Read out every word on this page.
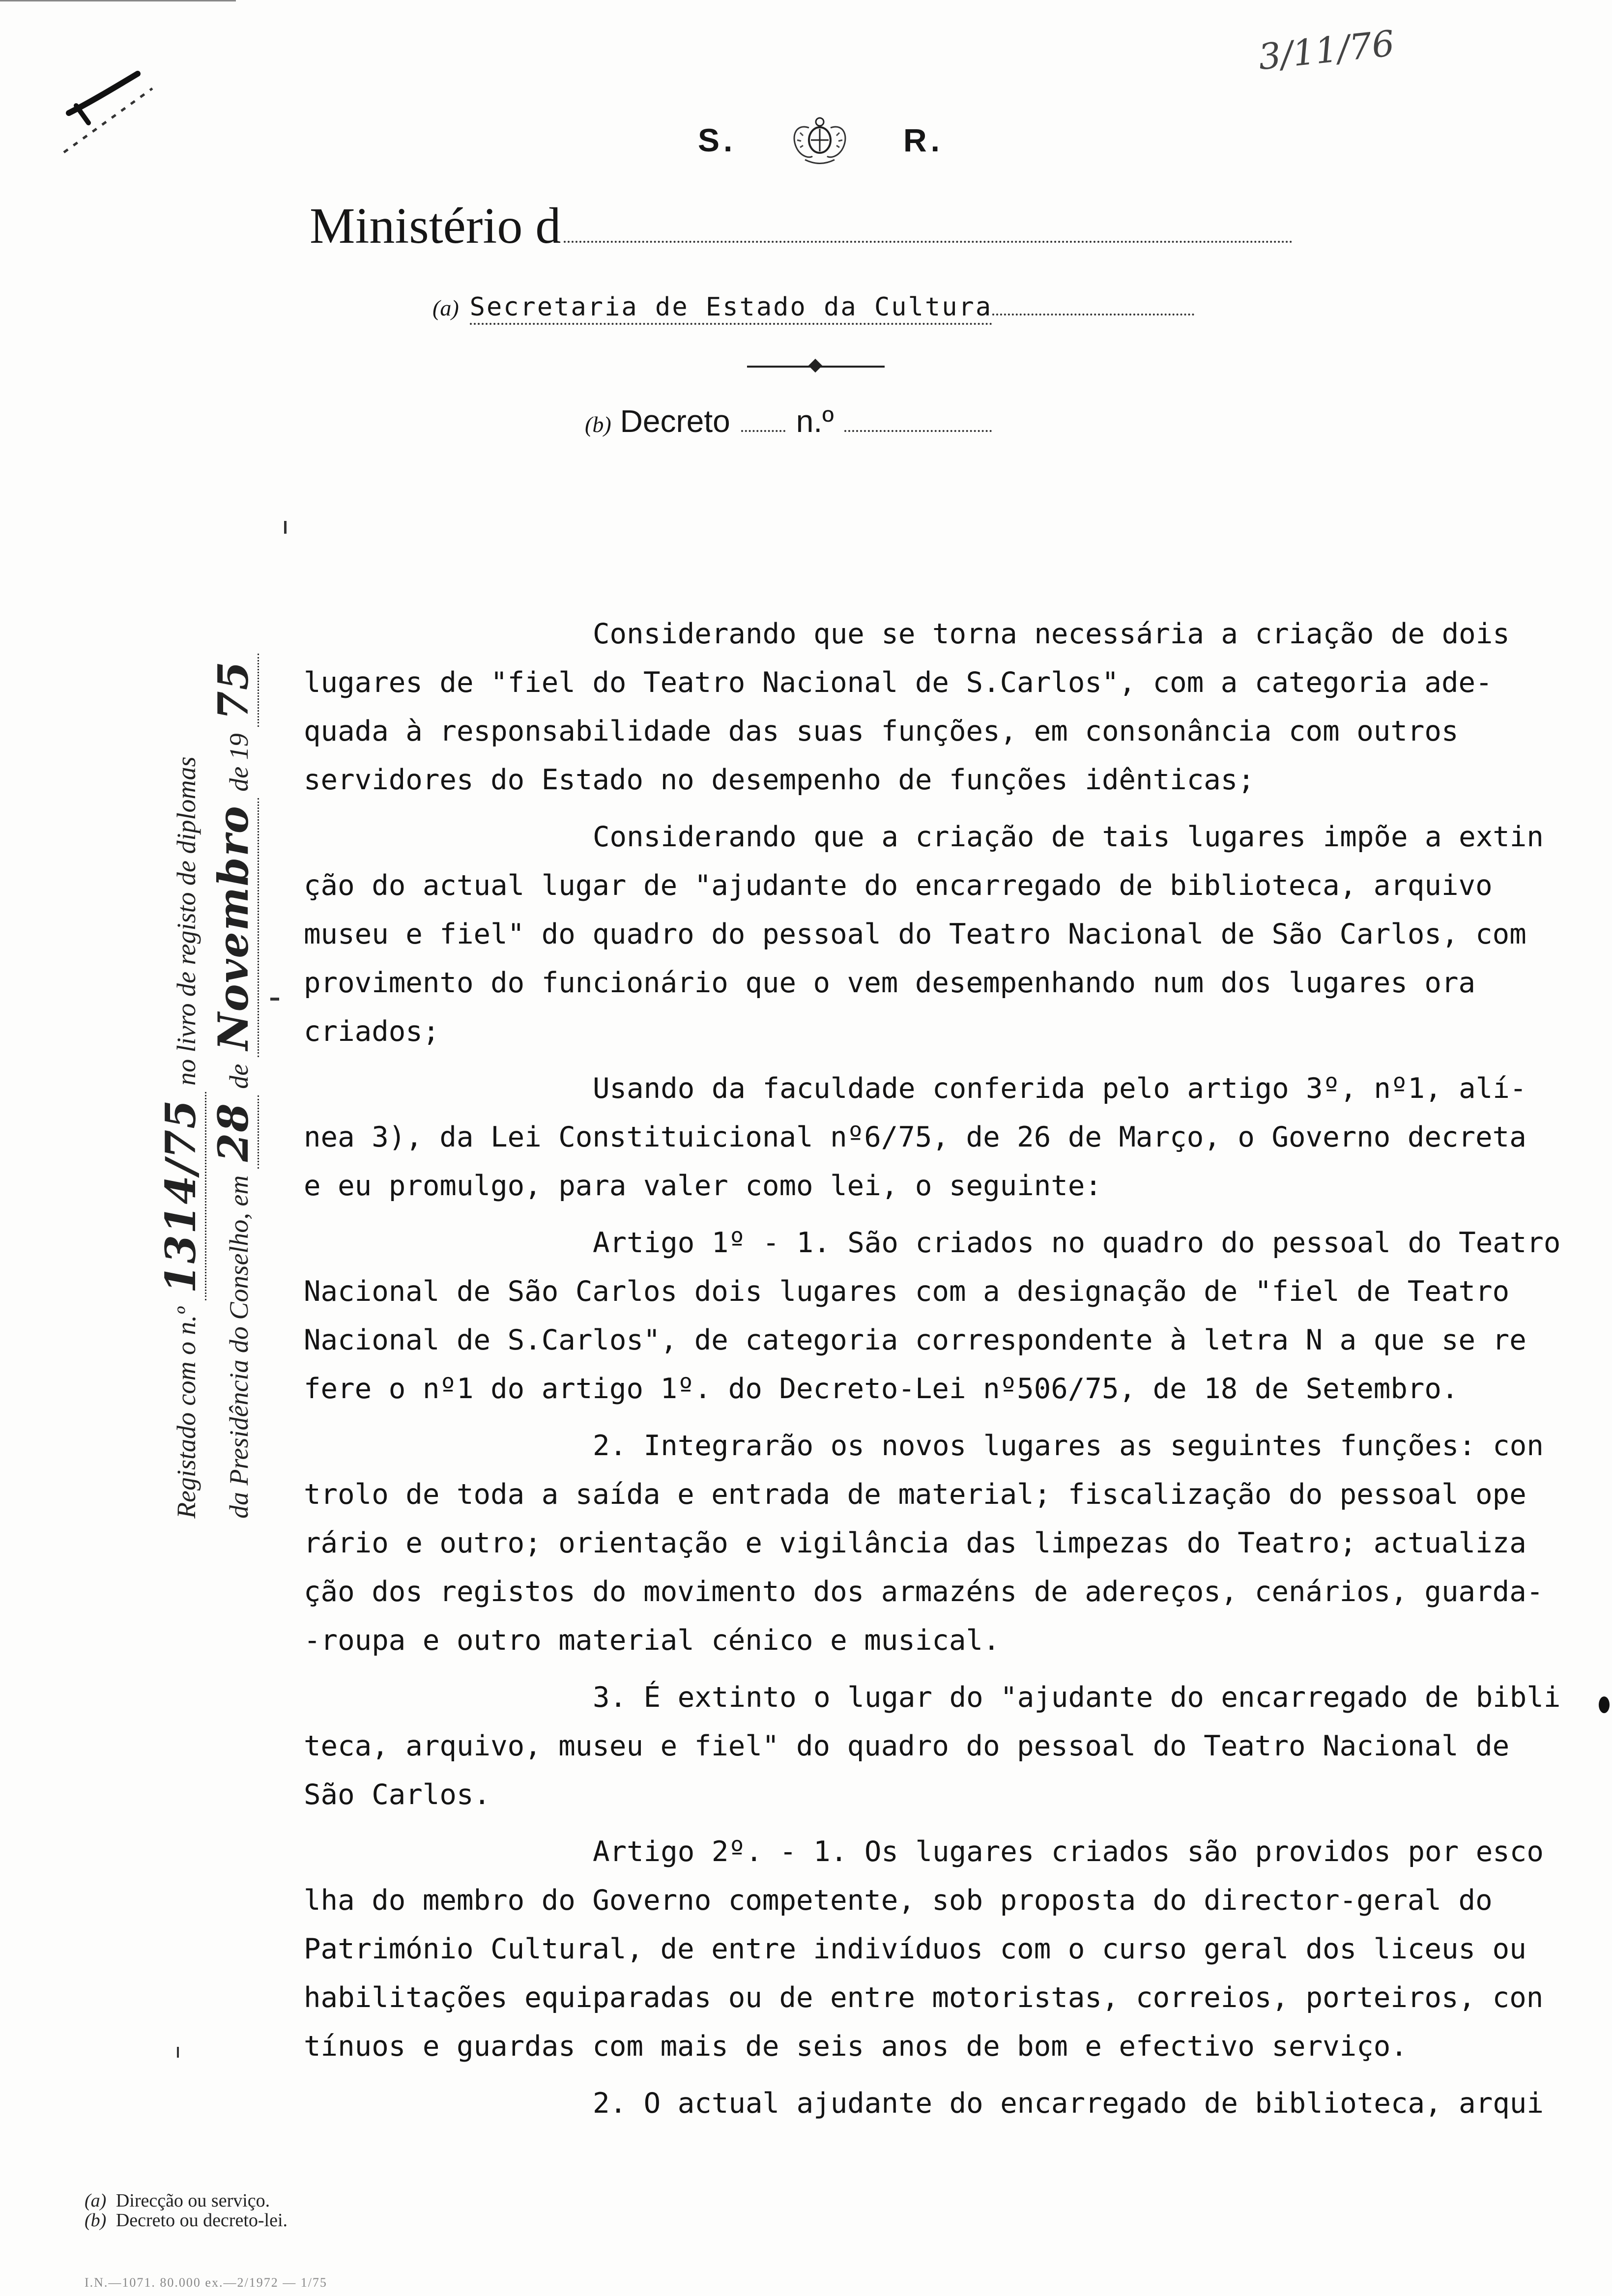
3/11/76
S.	R.
Ministério d
(a) Secretaria de Estado da Cultura
(b) Decreto n.º
Registado com o n.º 1314/75 no livro de registo de diplomas
da Presidência do Conselho, em 28 de Novembro de 19 75
Considerando que se torna necessária a criação de dois
lugares de "fiel do Teatro Nacional de S.Carlos", com a categoria ade-
quada à responsabilidade das suas funções, em consonância com outros
servidores do Estado no desempenho de funções idênticas;
Considerando que a criação de tais lugares impõe a extin
ção do actual lugar de "ajudante do encarregado de biblioteca, arquivo
museu e fiel" do quadro do pessoal do Teatro Nacional de São Carlos, com
provimento do funcionário que o vem desempenhando num dos lugares ora
criados;
Usando da faculdade conferida pelo artigo 3º, nº1, alí-
nea 3), da Lei Constituicional nº6/75, de 26 de Março, o Governo decreta
e eu promulgo, para valer como lei, o seguinte:
Artigo 1º - 1. São criados no quadro do pessoal do Teatro
Nacional de São Carlos dois lugares com a designação de "fiel de Teatro
Nacional de S.Carlos", de categoria correspondente à letra N a que se re
fere o nº1 do artigo 1º. do Decreto-Lei nº506/75, de 18 de Setembro.
2. Integrarão os novos lugares as seguintes funções: con
trolo de toda a saída e entrada de material; fiscalização do pessoal ope
rário e outro; orientação e vigilância das limpezas do Teatro; actualiza
ção dos registos do movimento dos armazéns de adereços, cenários, guarda-
-roupa e outro material cénico e musical.
3. É extinto o lugar do "ajudante do encarregado de bibli
teca, arquivo, museu e fiel" do quadro do pessoal do Teatro Nacional de
São Carlos.
Artigo 2º. - 1. Os lugares criados são providos por esco
lha do membro do Governo competente, sob proposta do director-geral do
Património Cultural, de entre indivíduos com o curso geral dos liceus ou
habilitações equiparadas ou de entre motoristas, correios, porteiros, con
tínuos e guardas com mais de seis anos de bom e efectivo serviço.
2. O actual ajudante do encarregado de biblioteca, arqui
(a) Direcção ou serviço.
(b) Decreto ou decreto-lei.
I.N.—1071. 80.000 ex.—2/1972 — 1/75
